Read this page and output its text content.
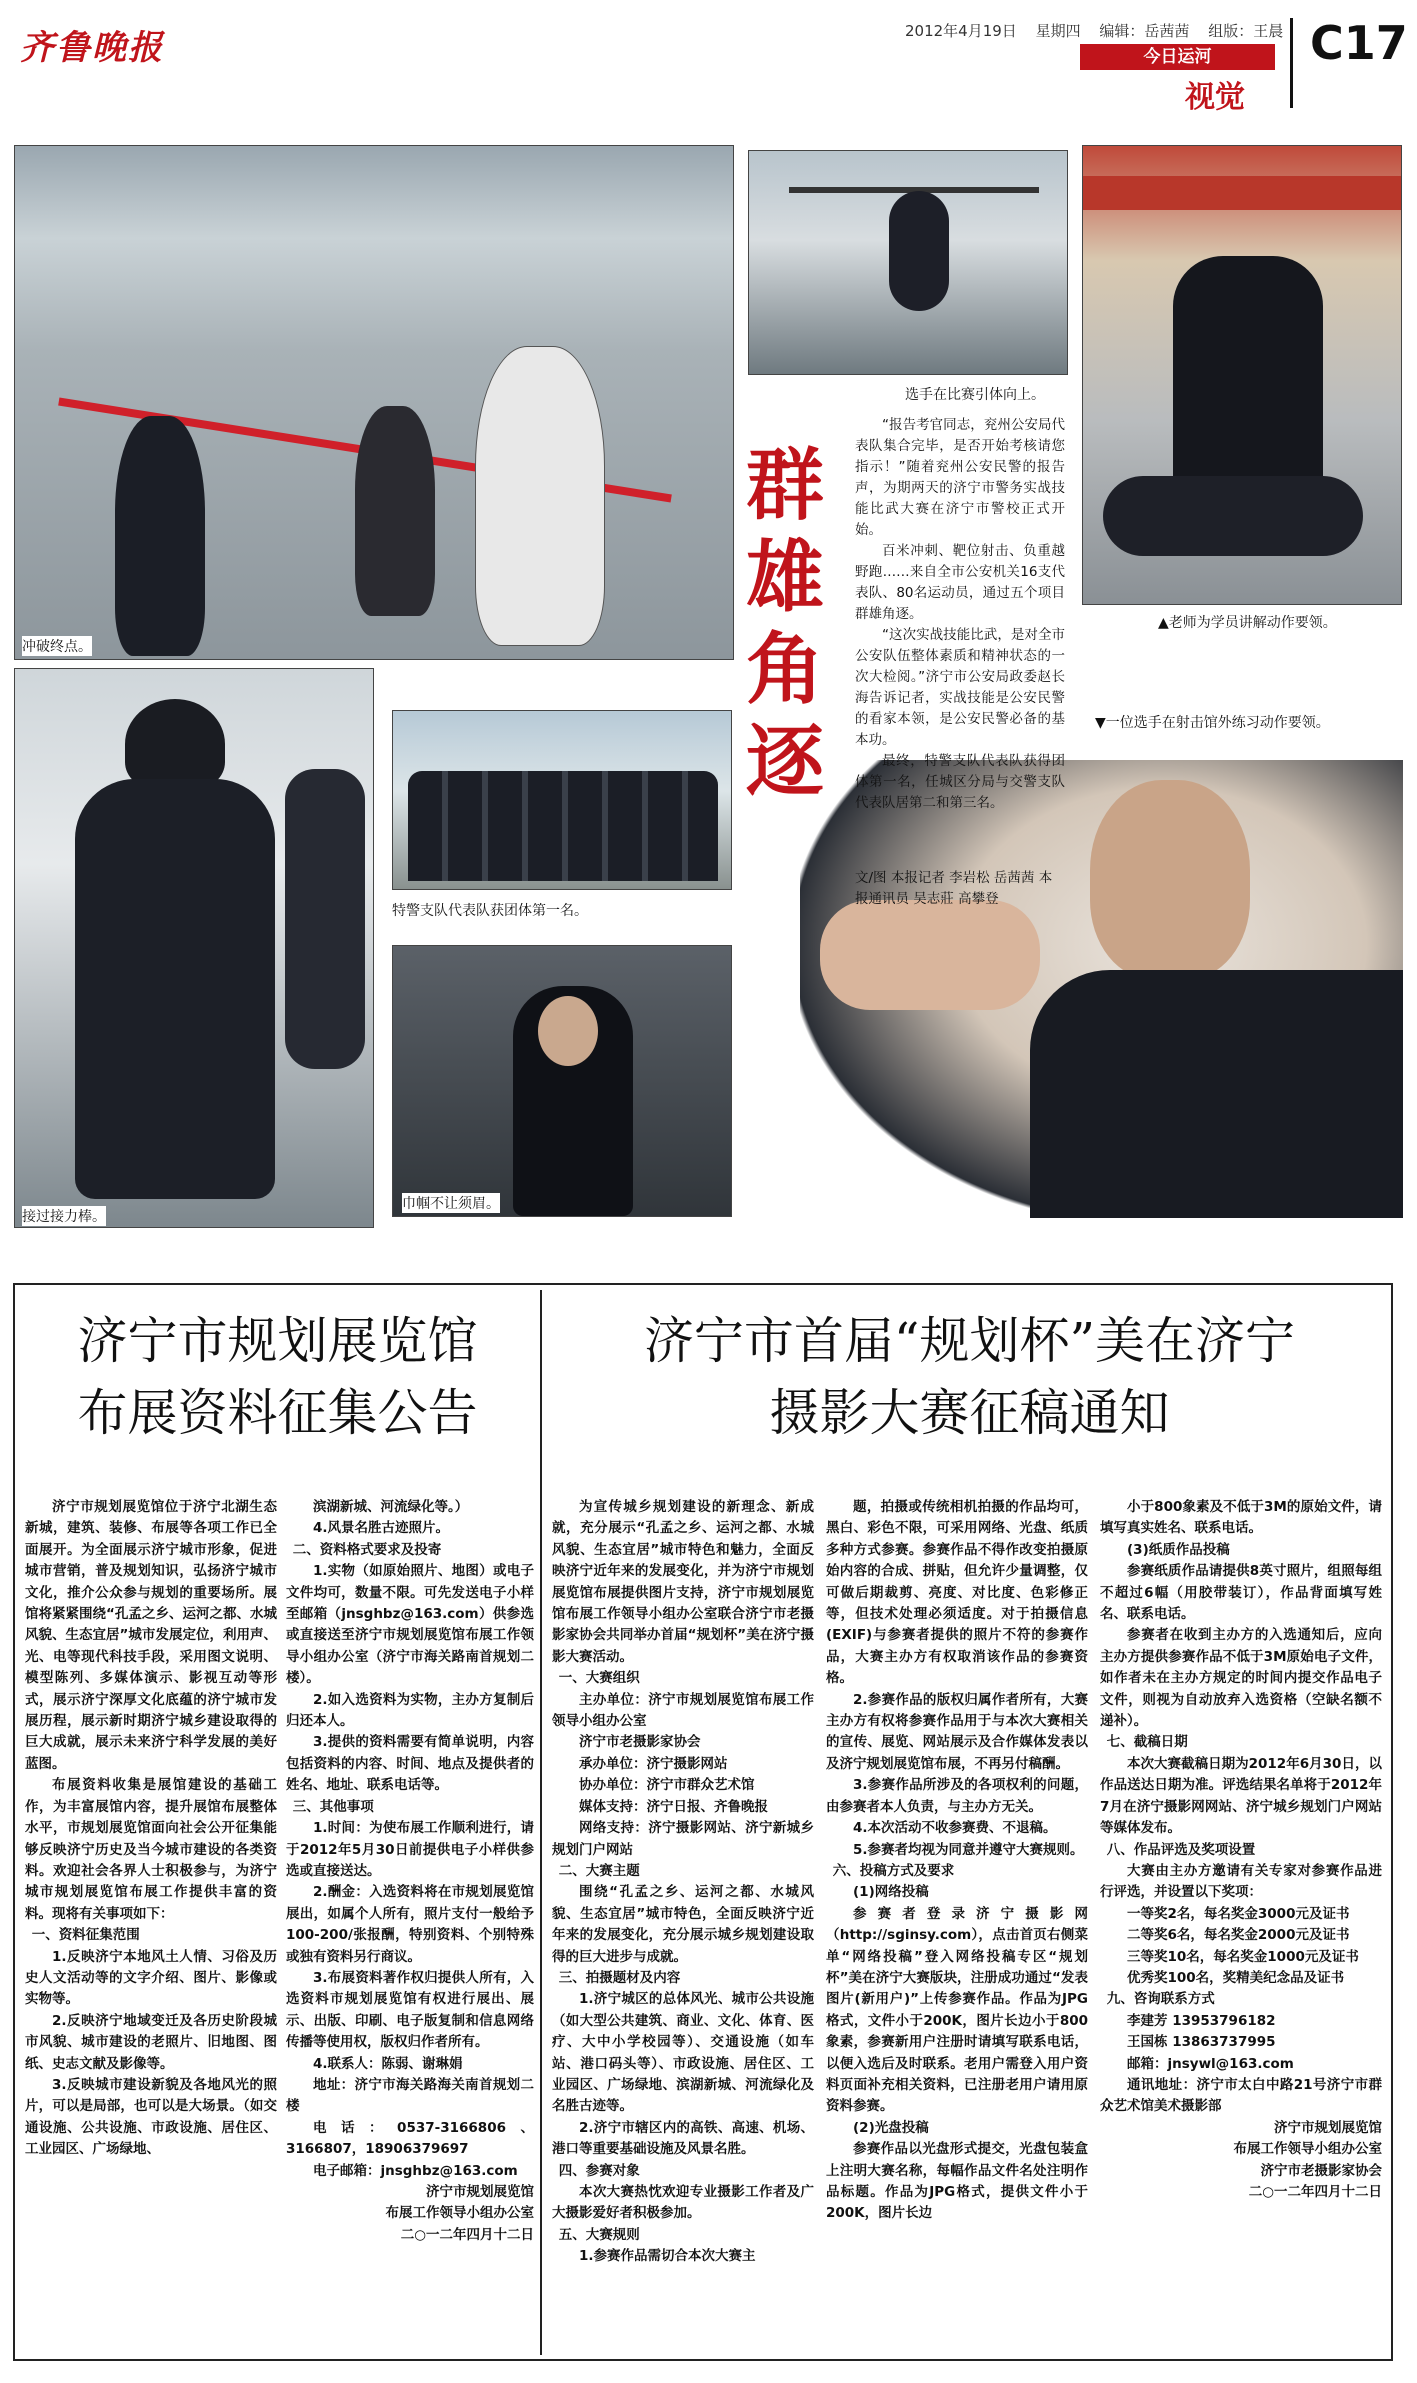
齐鲁晚报	2012年4月19日 星期四 编辑：岳茜茜 组版：王晨
今日运河
视觉
C17
冲破终点。
选手在比赛引体向上。
▲老师为学员讲解动作要领。
▼一位选手在射击馆外练习动作要领。
接过接力棒。
特警支队代表队获团体第一名。
巾帼不让须眉。
群
雄
角
逐

“报告考官同志，兖州公安局代表队集合完毕，是否开始考核请您指示！”随着兖州公安民警的报告声，为期两天的济宁市警务实战技能比武大赛在济宁市警校正式开始。

百米冲刺、靶位射击、负重越野跑……来自全市公安机关16支代表队、80名运动员，通过五个项目群雄角逐。

“这次实战技能比武，是对全市公安队伍整体素质和精神状态的一次大检阅。”济宁市公安局政委赵长海告诉记者，实战技能是公安民警的看家本领，是公安民警必备的基本功。

最终，特警支队代表队获得团体第一名，任城区分局与交警支队代表队居第二和第三名。

文/图 本报记者 李岩松 岳茜茜 本报通讯员 吴志莊 高攀登
济宁市规划展览馆
布展资料征集公告
济宁市首届“规划杯”美在济宁
摄影大赛征稿通知

济宁市规划展览馆位于济宁北湖生态新城，建筑、装修、布展等各项工作已全面展开。为全面展示济宁城市形象，促进城市营销，普及规划知识，弘扬济宁城市文化，推介公众参与规划的重要场所。展馆将紧紧围绕“孔孟之乡、运河之都、水城风貌、生态宜居”城市发展定位，利用声、光、电等现代科技手段，采用图文说明、模型陈列、多媒体演示、影视互动等形式，展示济宁深厚文化底蕴的济宁城市发展历程，展示新时期济宁城乡建设取得的巨大成就，展示未来济宁科学发展的美好蓝图。

布展资料收集是展馆建设的基础工作，为丰富展馆内容，提升展馆布展整体水平，市规划展览馆面向社会公开征集能够反映济宁历史及当今城市建设的各类资料。欢迎社会各界人士积极参与，为济宁城市规划展览馆布展工作提供丰富的资料。现将有关事项如下：

一、资料征集范围

1.反映济宁本地风土人情、习俗及历史人文活动等的文字介绍、图片、影像或实物等。

2.反映济宁地域变迁及各历史阶段城市风貌、城市建设的老照片、旧地图、图纸、史志文献及影像等。

3.反映城市建设新貌及各地风光的照片，可以是局部，也可以是大场景。（如交通设施、公共设施、市政设施、居住区、工业园区、广场绿地、

滨湖新城、河流绿化等。）

4.风景名胜古迹照片。

二、资料格式要求及投寄

1.实物（如原始照片、地图）或电子文件均可，数量不限。可先发送电子小样至邮箱（jnsghbz@163.com）供参选或直接送至济宁市规划展览馆布展工作领导小组办公室（济宁市海关路南首规划二楼）。

2.如入选资料为实物，主办方复制后归还本人。

3.提供的资料需要有简单说明，内容包括资料的内容、时间、地点及提供者的姓名、地址、联系电话等。

三、其他事项

1.时间：为使布展工作顺利进行，请于2012年5月30日前提供电子小样供参选或直接送达。

2.酬金：入选资料将在市规划展览馆展出，如属个人所有，照片支付一般给予100-200/张报酬，特别资料、个别特殊或独有资料另行商议。

3.布展资料著作权归提供人所有，入选资料市规划展览馆有权进行展出、展示、出版、印刷、电子版复制和信息网络传播等使用权，版权归作者所有。

4.联系人：陈弱、谢琳娟

地址：济宁市海关路海关南首规划二楼

电话：0537-3166806、3166807，18906379697

电子邮箱：jnsghbz@163.com

济宁市规划展览馆

布展工作领导小组办公室

二○一二年四月十二日

为宣传城乡规划建设的新理念、新成就，充分展示“孔孟之乡、运河之都、水城风貌、生态宜居”城市特色和魅力，全面反映济宁近年来的发展变化，并为济宁市规划展览馆布展提供图片支持，济宁市规划展览馆布展工作领导小组办公室联合济宁市老摄影家协会共同举办首届“规划杯”美在济宁摄影大赛活动。

一、大赛组织

主办单位：济宁市规划展览馆布展工作领导小组办公室

济宁市老摄影家协会

承办单位：济宁摄影网站

协办单位：济宁市群众艺术馆

媒体支持：济宁日报、齐鲁晚报

网络支持：济宁摄影网站、济宁新城乡规划门户网站

二、大赛主题

围绕“孔孟之乡、运河之都、水城风貌、生态宜居”城市特色，全面反映济宁近年来的发展变化，充分展示城乡规划建设取得的巨大进步与成就。

三、拍摄题材及内容

1.济宁城区的总体风光、城市公共设施（如大型公共建筑、商业、文化、体育、医疗、大中小学校园等）、交通设施（如车站、港口码头等）、市政设施、居住区、工业园区、广场绿地、滨湖新城、河流绿化及名胜古迹等。

2.济宁市辖区内的高铁、高速、机场、港口等重要基础设施及风景名胜。

四、参赛对象

本次大赛热忱欢迎专业摄影工作者及广大摄影爱好者积极参加。

五、大赛规则

1.参赛作品需切合本次大赛主

题，拍摄或传统相机拍摄的作品均可，黑白、彩色不限，可采用网络、光盘、纸质多种方式参赛。参赛作品不得作改变拍摄原始内容的合成、拼贴，但允许少量调整，仅可做后期裁剪、亮度、对比度、色彩修正等，但技术处理必须适度。对于拍摄信息(EXIF)与参赛者提供的照片不符的参赛作品，大赛主办方有权取消该作品的参赛资格。

2.参赛作品的版权归属作者所有，大赛主办方有权将参赛作品用于与本次大赛相关的宣传、展览、网站展示及合作媒体发表以及济宁规划展览馆布展，不再另付稿酬。

3.参赛作品所涉及的各项权利的问题，由参赛者本人负责，与主办方无关。

4.本次活动不收参赛费、不退稿。

5.参赛者均视为同意并遵守大赛规则。

六、投稿方式及要求

(1)网络投稿

参赛者登录济宁摄影网（http://sginsy.com），点击首页右侧菜单“网络投稿”登入网络投稿专区“规划杯”美在济宁大赛版块，注册成功通过“发表图片(新用户)”上传参赛作品。作品为JPG格式，文件小于200K，图片长边小于800象素，参赛新用户注册时请填写联系电话，以便入选后及时联系。老用户需登入用户资料页面补充相关资料，已注册老用户请用原资料参赛。

(2)光盘投稿

参赛作品以光盘形式提交，光盘包装盒上注明大赛名称，每幅作品文件名处注明作品标题。作品为JPG格式，提供文件小于200K，图片长边

小于800象素及不低于3M的原始文件，请填写真实姓名、联系电话。

(3)纸质作品投稿

参赛纸质作品请提供8英寸照片，组照每组不超过6幅（用胶带装订），作品背面填写姓名、联系电话。

参赛者在收到主办方的入选通知后，应向主办方提供参赛作品不低于3M原始电子文件，如作者未在主办方规定的时间内提交作品电子文件，则视为自动放弃入选资格（空缺名额不递补）。

七、截稿日期

本次大赛截稿日期为2012年6月30日，以作品送达日期为准。评选结果名单将于2012年7月在济宁摄影网网站、济宁城乡规划门户网站等媒体发布。

八、作品评选及奖项设置

大赛由主办方邀请有关专家对参赛作品进行评选，并设置以下奖项：

一等奖2名，每名奖金3000元及证书

二等奖6名，每名奖金2000元及证书

三等奖10名，每名奖金1000元及证书

优秀奖100名，奖精美纪念品及证书

九、咨询联系方式

李建芳 13953796182

王国栋 13863737995

邮箱：jnsywl@163.com

通讯地址：济宁市太白中路21号济宁市群众艺术馆美术摄影部

济宁市规划展览馆

布展工作领导小组办公室

济宁市老摄影家协会

二○一二年四月十二日
